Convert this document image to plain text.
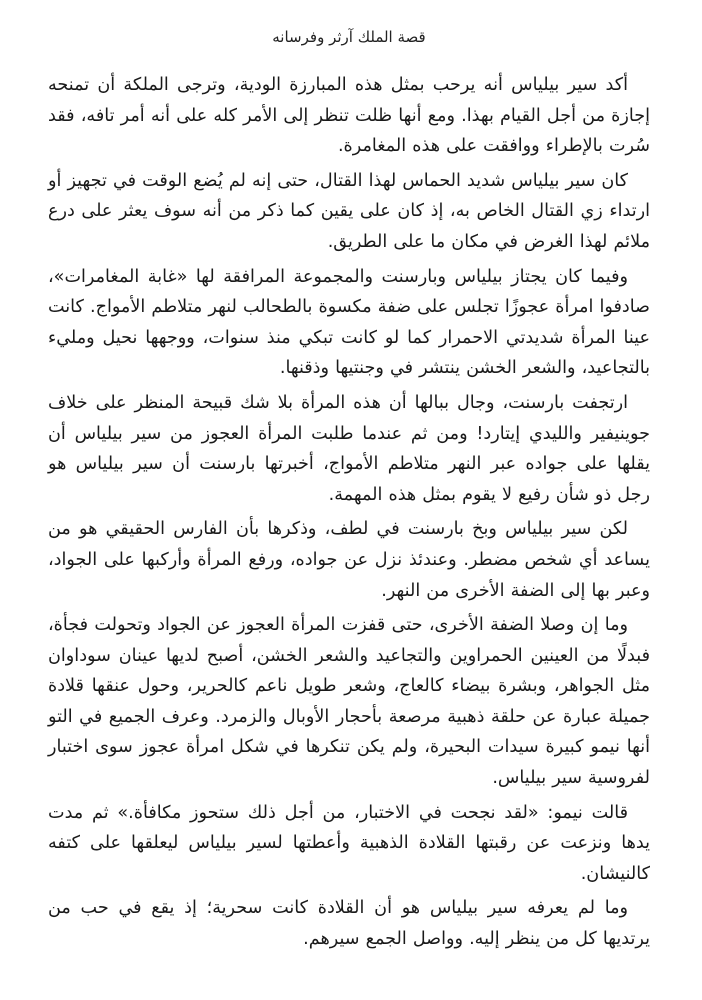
قصة الملك آرثر وفرسانه

أكد سير بيلياس أنه يرحب بمثل هذه المبارزة الودية، وترجى الملكة أن تمنحه إجازة من أجل القيام بهذا. ومع أنها ظلت تنظر إلى الأمر كله على أنه أمر تافه، فقد سُرت بالإطراء ووافقت على هذه المغامرة.

كان سير بيلياس شديد الحماس لهذا القتال، حتى إنه لم يُضع الوقت في تجهيز أو ارتداء زي القتال الخاص به، إذ كان على يقين كما ذكر من أنه سوف يعثر على درع ملائم لهذا الغرض في مكان ما على الطريق.

وفيما كان يجتاز بيلياس وبارسنت والمجموعة المرافقة لها «غابة المغامرات»، صادفوا امرأة عجوزًا تجلس على ضفة مكسوة بالطحالب لنهر متلاطم الأمواج. كانت عينا المرأة شديدتي الاحمرار كما لو كانت تبكي منذ سنوات، ووجهها نحيل ومليء بالتجاعيد، والشعر الخشن ينتشر في وجنتيها وذقنها.

ارتجفت بارسنت، وجال ببالها أن هذه المرأة بلا شك قبيحة المنظر على خلاف جوينيفير والليدي إيتارد! ومن ثم عندما طلبت المرأة العجوز من سير بيلياس أن يقلها على جواده عبر النهر متلاطم الأمواج، أخبرتها بارسنت أن سير بيلياس هو رجل ذو شأن رفيع لا يقوم بمثل هذه المهمة.

لكن سير بيلياس وبخ بارسنت في لطف، وذكرها بأن الفارس الحقيقي هو من يساعد أي شخص مضطر. وعندئذ نزل عن جواده، ورفع المرأة وأركبها على الجواد، وعبر بها إلى الضفة الأخرى من النهر.

وما إن وصلا الضفة الأخرى، حتى قفزت المرأة العجوز عن الجواد وتحولت فجأة، فبدلًا من العينين الحمراوين والتجاعيد والشعر الخشن، أصبح لديها عينان سوداوان مثل الجواهر، وبشرة بيضاء كالعاج، وشعر طويل ناعم كالحرير، وحول عنقها قلادة جميلة عبارة عن حلقة ذهبية مرصعة بأحجار الأوبال والزمرد. وعرف الجميع في التو أنها نيمو كبيرة سيدات البحيرة، ولم يكن تنكرها في شكل امرأة عجوز سوى اختبار لفروسية سير بيلياس.

قالت نيمو: «لقد نجحت في الاختبار، من أجل ذلك ستحوز مكافأة.» ثم مدت يدها ونزعت عن رقبتها القلادة الذهبية وأعطتها لسير بيلياس ليعلقها على كتفه كالنيشان.

وما لم يعرفه سير بيلياس هو أن القلادة كانت سحرية؛ إذ يقع في حب من يرتديها كل من ينظر إليه. وواصل الجمع سيرهم.
